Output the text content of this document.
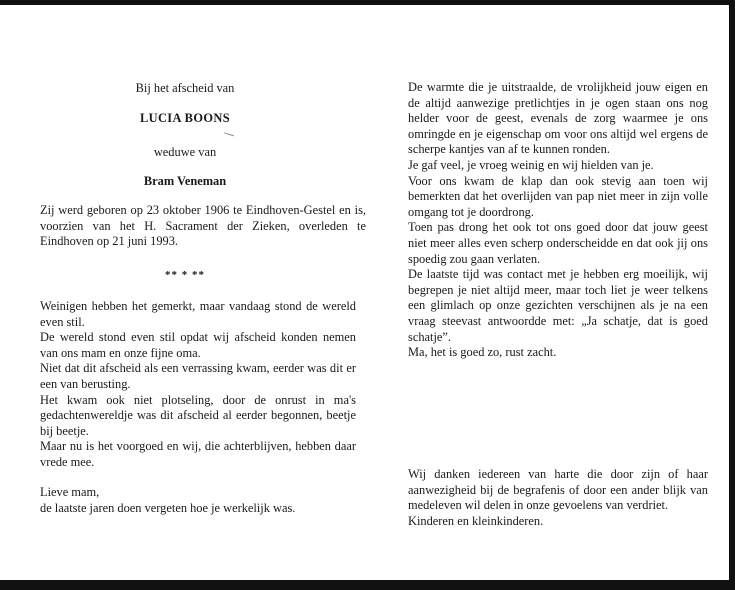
Bij het afscheid van

LUCIA BOONS

weduwe van

Bram Veneman

Zij werd geboren op 23 oktober 1906 te Eindhoven-Gestel en is, voorzien van het H. Sacrament der Zieken, overleden te Eindhoven op 21 juni 1993.

** * **

Weinigen hebben het gemerkt, maar vandaag stond de wereld even stil.

De wereld stond even stil opdat wij afscheid konden nemen van ons mam en onze fijne oma.

Niet dat dit afscheid als een verrassing kwam, eerder was dit er een van berusting.

Het kwam ook niet plotseling, door de onrust in ma's gedachtenwereldje was dit afscheid al eerder begonnen, beetje bij beetje.

Maar nu is het voorgoed en wij, die achterblijven, hebben daar vrede mee.

Lieve mam,

de laatste jaren doen vergeten hoe je werkelijk was.

De warmte die je uitstraalde, de vrolijkheid jouw eigen en de altijd aanwezige pretlichtjes in je ogen staan ons nog helder voor de geest, evenals de zorg waarmee je ons omringde en je eigenschap om voor ons altijd wel ergens de scherpe kantjes van af te kunnen ronden.

Je gaf veel, je vroeg weinig en wij hielden van je.

Voor ons kwam de klap dan ook stevig aan toen wij bemerkten dat het overlijden van pap niet meer in zijn volle omgang tot je doordrong.

Toen pas drong het ook tot ons goed door dat jouw geest niet meer alles even scherp onderscheidde en dat ook jij ons spoedig zou gaan verlaten.

De laatste tijd was contact met je hebben erg moeilijk, wij begrepen je niet altijd meer, maar toch liet je weer telkens een glimlach op onze gezichten verschijnen als je na een vraag steevast antwoordde met: „Ja schatje, dat is goed schatje”.

Ma, het is goed zo, rust zacht.

Wij danken iedereen van harte die door zijn of haar aanwezigheid bij de begrafenis of door een ander blijk van medeleven wil delen in onze gevoelens van verdriet.

Kinderen en kleinkinderen.
